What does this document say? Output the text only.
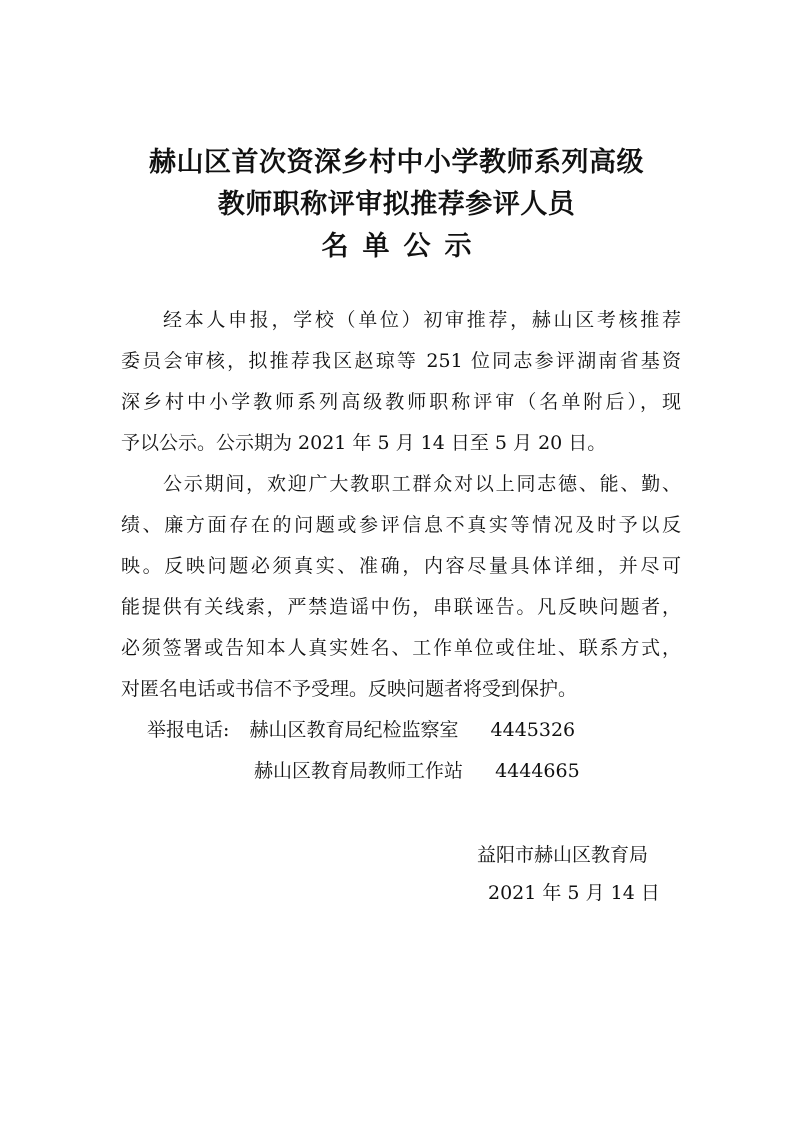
赫山区首次资深乡村中小学教师系列高级
教师职称评审拟推荐参评人员
名单公示
经本人申报，学校（单位）初审推荐，赫山区考核推荐
委员会审核，拟推荐我区赵琼等 251 位同志参评湖南省基资
深乡村中小学教师系列高级教师职称评审（名单附后），现
予以公示。公示期为 2021 年 5 月 14 日至 5 月 20 日。
公示期间，欢迎广大教职工群众对以上同志德、能、勤、
绩、廉方面存在的问题或参评信息不真实等情况及时予以反
映。反映问题必须真实、准确，内容尽量具体详细，并尽可
能提供有关线索，严禁造谣中伤，串联诬告。凡反映问题者，
必须签署或告知本人真实姓名、工作单位或住址、联系方式，
对匿名电话或书信不予受理。反映问题者将受到保护。
举报电话: 赫山区教育局纪检监察室 4445326
赫山区教育局教师工作站 4444665
益阳市赫山区教育局
2021 年 5 月 14 日
